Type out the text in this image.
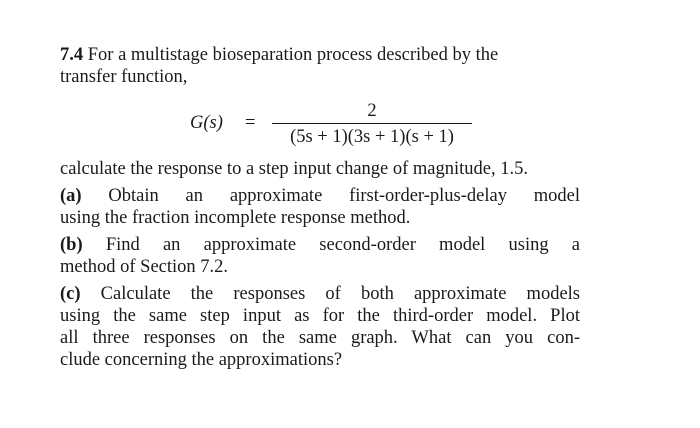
7.4 For a multistage bioseparation process described by the
transfer function,
G(s) =
2
(5s + 1)(3s + 1)(s + 1)
calculate the response to a step input change of magnitude, 1.5.
(a) Obtain an approximate first-order-plus-delay model
using the fraction incomplete response method.
(b) Find an approximate second-order model using a
method of Section 7.2.
(c) Calculate the responses of both approximate models
using the same step input as for the third-order model. Plot
all three responses on the same graph. What can you con-
clude concerning the approximations?
